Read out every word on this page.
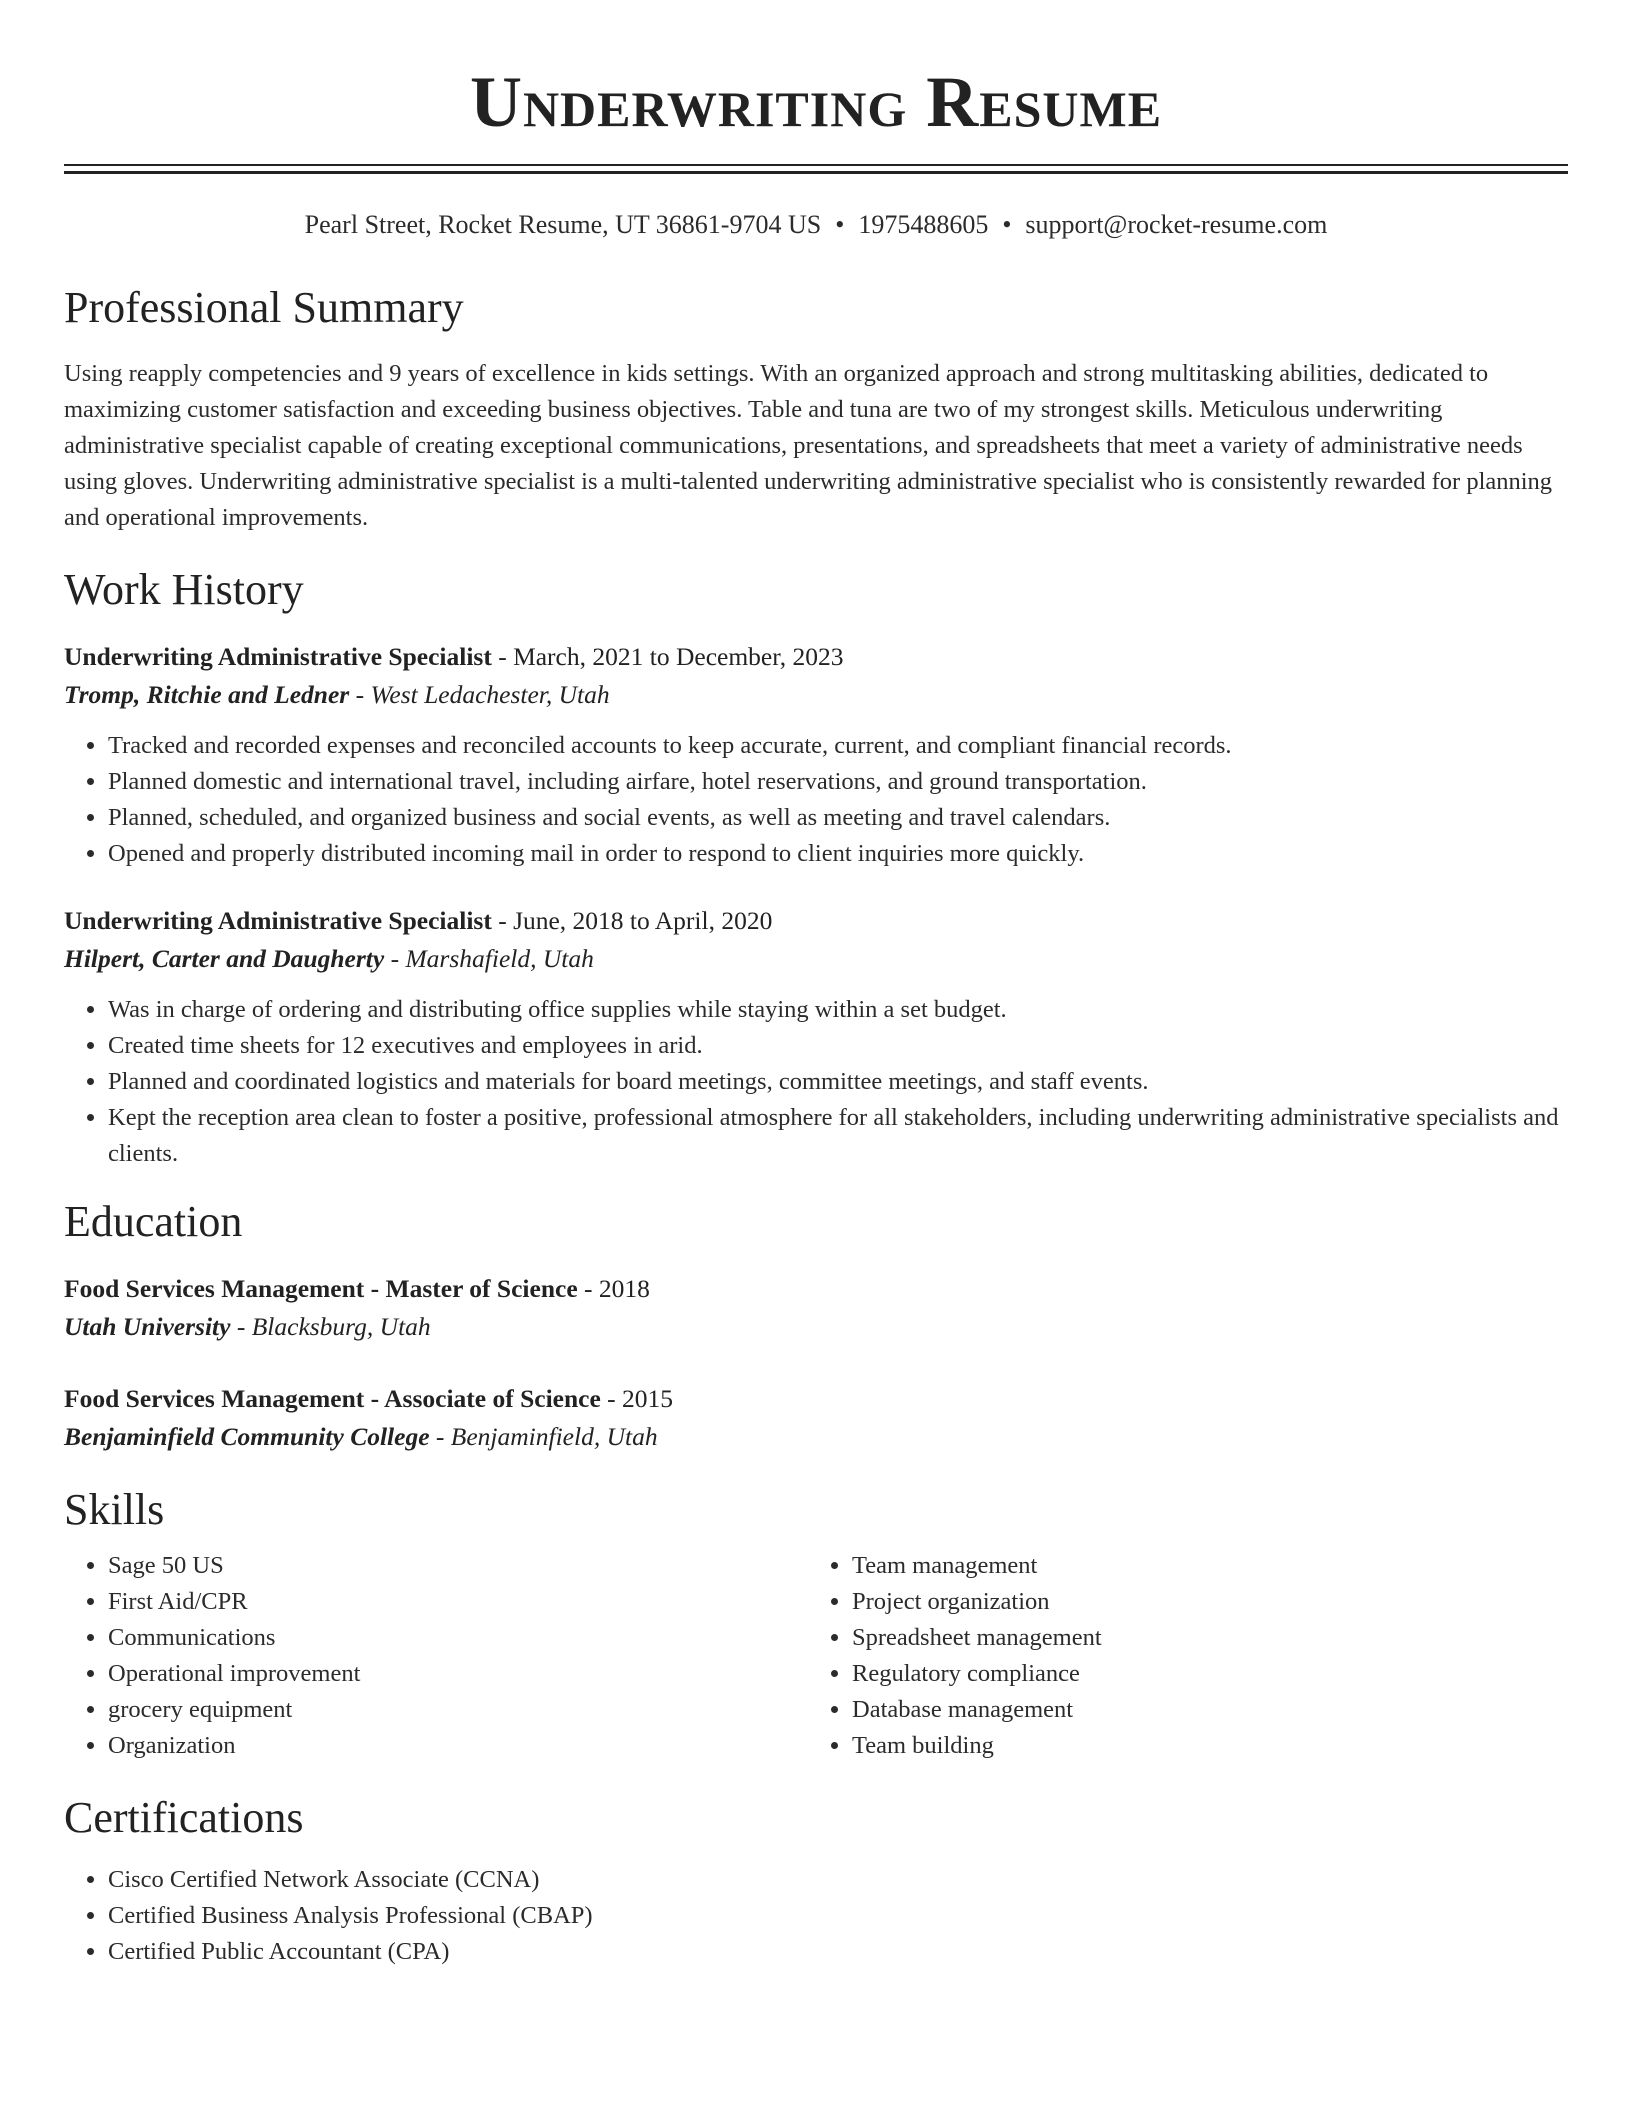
Underwriting Resume
Pearl Street, Rocket Resume, UT 36861-9704 US • 1975488605 • support@rocket-resume.com
Professional Summary

Using reapply competencies and 9 years of excellence in kids settings. With an organized approach and strong multitasking abilities, dedicated to maximizing customer satisfaction and exceeding business objectives. Table and tuna are two of my strongest skills. Meticulous underwriting administrative specialist capable of creating exceptional communications, presentations, and spreadsheets that meet a variety of administrative needs using gloves. Underwriting administrative specialist is a multi-talented underwriting administrative specialist who is consistently rewarded for planning and operational improvements.

Work History
Underwriting Administrative Specialist - March, 2021 to December, 2023
Tromp, Ritchie and Ledner - West Ledachester, Utah
• Tracked and recorded expenses and reconciled accounts to keep accurate, current, and compliant financial records.
• Planned domestic and international travel, including airfare, hotel reservations, and ground transportation.
• Planned, scheduled, and organized business and social events, as well as meeting and travel calendars.
• Opened and properly distributed incoming mail in order to respond to client inquiries more quickly.
Underwriting Administrative Specialist - June, 2018 to April, 2020
Hilpert, Carter and Daugherty - Marshafield, Utah
• Was in charge of ordering and distributing office supplies while staying within a set budget.
• Created time sheets for 12 executives and employees in arid.
• Planned and coordinated logistics and materials for board meetings, committee meetings, and staff events.
• Kept the reception area clean to foster a positive, professional atmosphere for all stakeholders, including underwriting administrative specialists and clients.
Education
Food Services Management - Master of Science - 2018
Utah University - Blacksburg, Utah
Food Services Management - Associate of Science - 2015
Benjaminfield Community College - Benjaminfield, Utah
Skills
• Sage 50 US
• First Aid/CPR
• Communications
• Operational improvement
• grocery equipment
• Organization
• Team management
• Project organization
• Spreadsheet management
• Regulatory compliance
• Database management
• Team building
Certifications
• Cisco Certified Network Associate (CCNA)
• Certified Business Analysis Professional (CBAP)
• Certified Public Accountant (CPA)
